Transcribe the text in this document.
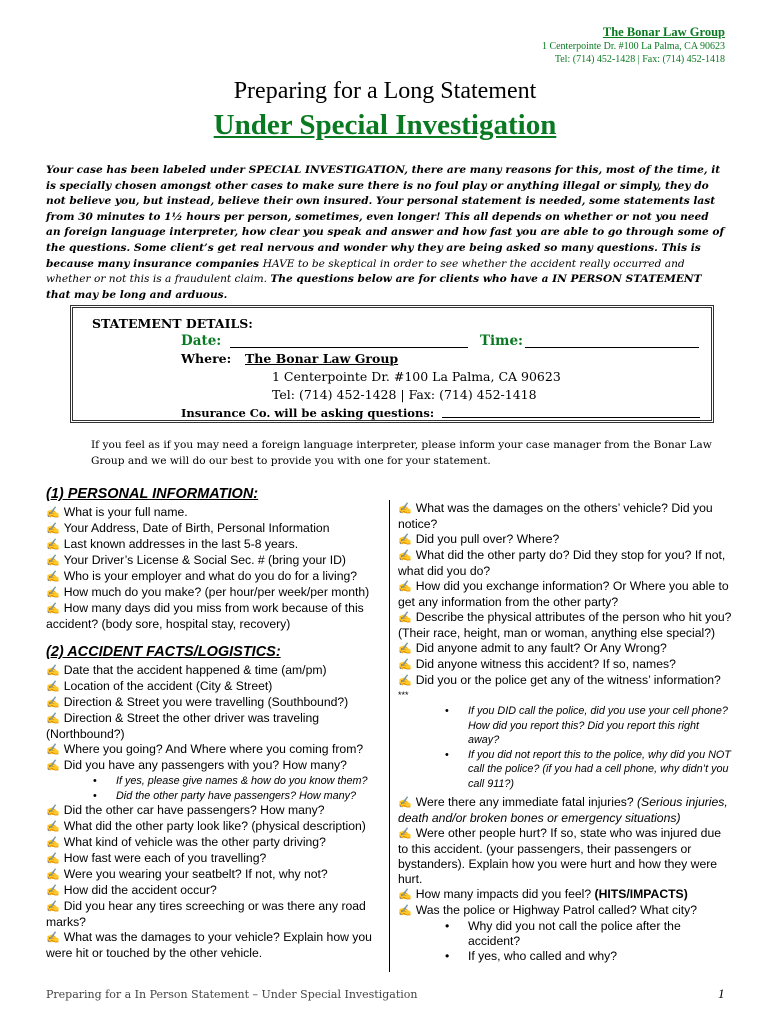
The Bonar Law Group
1 Centerpointe Dr. #100 La Palma, CA 90623
Tel: (714) 452-1428 | Fax: (714) 452-1418
Preparing for a Long Statement
Under Special Investigation
Your case has been labeled under SPECIAL INVESTIGATION, there are many reasons for this, most of the time, it is specially chosen amongst other cases to make sure there is no foul play or anything illegal or simply, they do not believe you, but instead, believe their own insured. Your personal statement is needed, some statements last from 30 minutes to 1½ hours per person, sometimes, even longer! This all depends on whether or not you need an foreign language interpreter, how clear you speak and answer and how fast you are able to go through some of the questions. Some client’s get real nervous and wonder why they are being asked so many questions. This is because many insurance companies HAVE to be skeptical in order to see whether the accident really occurred and whether or not this is a fraudulent claim. The questions below are for clients who have a IN PERSON STATEMENT that may be long and arduous.
STATEMENT DETAILS:
Date:	Time:
Where: The Bonar Law Group
1 Centerpointe Dr. #100 La Palma, CA 90623
Tel: (714) 452-1428 | Fax: (714) 452-1418
Insurance Co. will be asking questions:
If you feel as if you may need a foreign language interpreter, please inform your case manager from the Bonar Law Group and we will do our best to provide you with one for your statement.
(1) PERSONAL INFORMATION:
✍ What is your full name.
✍ Your Address, Date of Birth, Personal Information
✍ Last known addresses in the last 5-8 years.
✍ Your Driver’s License & Social Sec. # (bring your ID)
✍ Who is your employer and what do you do for a living?
✍ How much do you make? (per hour/per week/per month)
✍ How many days did you miss from work because of this accident? (body sore, hospital stay, recovery)
(2) ACCIDENT FACTS/LOGISTICS:
✍ Date that the accident happened & time (am/pm)
✍ Location of the accident (City & Street)
✍ Direction & Street you were travelling (Southbound?)
✍ Direction & Street the other driver was traveling (Northbound?)
✍ Where you going? And Where where you coming from?
✍ Did you have any passengers with you? How many?
• If yes, please give names & how do you know them?
• Did the other party have passengers? How many?
✍ Did the other car have passengers? How many?
✍ What did the other party look like? (physical description)
✍ What kind of vehicle was the other party driving?
✍ How fast were each of you travelling?
✍ Were you wearing your seatbelt? If not, why not?
✍ How did the accident occur?
✍ Did you hear any tires screeching or was there any road marks?
✍ What was the damages to your vehicle? Explain how you were hit or touched by the other vehicle.
✍ What was the damages on the others’ vehicle? Did you notice?
✍ Did you pull over? Where?
✍ What did the other party do? Did they stop for you? If not, what did you do?
✍ How did you exchange information? Or Where you able to get any information from the other party?
✍ Describe the physical attributes of the person who hit you? (Their race, height, man or woman, anything else special?)
✍ Did anyone admit to any fault? Or Any Wrong?
✍ Did anyone witness this accident? If so, names?
✍ Did you or the police get any of the witness’ information?
***
• If you DID call the police, did you use your cell phone? How did you report this? Did you report this right away?
• If you did not report this to the police, why did you NOT call the police? (if you had a cell phone, why didn’t you call 911?)
✍ Were there any immediate fatal injuries? (Serious injuries, death and/or broken bones or emergency situations)
✍ Were other people hurt? If so, state who was injured due to this accident. (your passengers, their passengers or bystanders). Explain how you were hurt and how they were hurt.
✍ How many impacts did you feel? (HITS/IMPACTS)
✍ Was the police or Highway Patrol called? What city?
• Why did you not call the police after the accident?
• If yes, who called and why?
Preparing for a In Person Statement – Under Special Investigation	1
